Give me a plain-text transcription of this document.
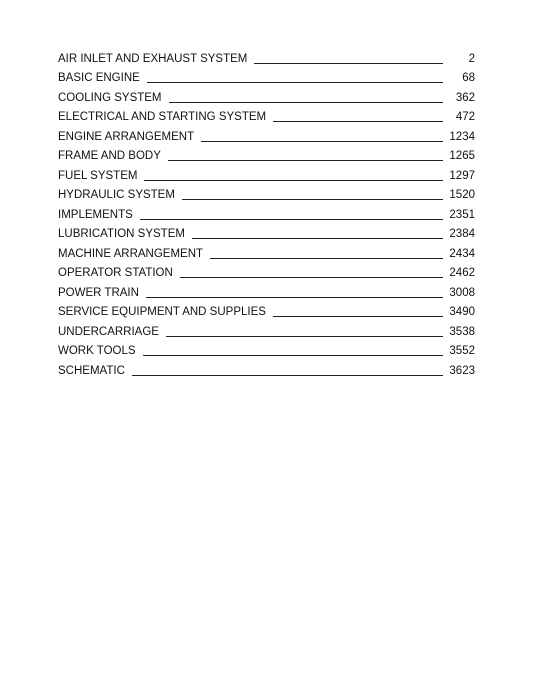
AIR INLET AND EXHAUST SYSTEM	2
BASIC ENGINE	68
COOLING SYSTEM	362
ELECTRICAL AND STARTING SYSTEM	472
ENGINE ARRANGEMENT	1234
FRAME AND BODY	1265
FUEL SYSTEM	1297
HYDRAULIC SYSTEM	1520
IMPLEMENTS	2351
LUBRICATION SYSTEM	2384
MACHINE ARRANGEMENT	2434
OPERATOR STATION	2462
POWER TRAIN	3008
SERVICE EQUIPMENT AND SUPPLIES	3490
UNDERCARRIAGE	3538
WORK TOOLS	3552
SCHEMATIC	3623
